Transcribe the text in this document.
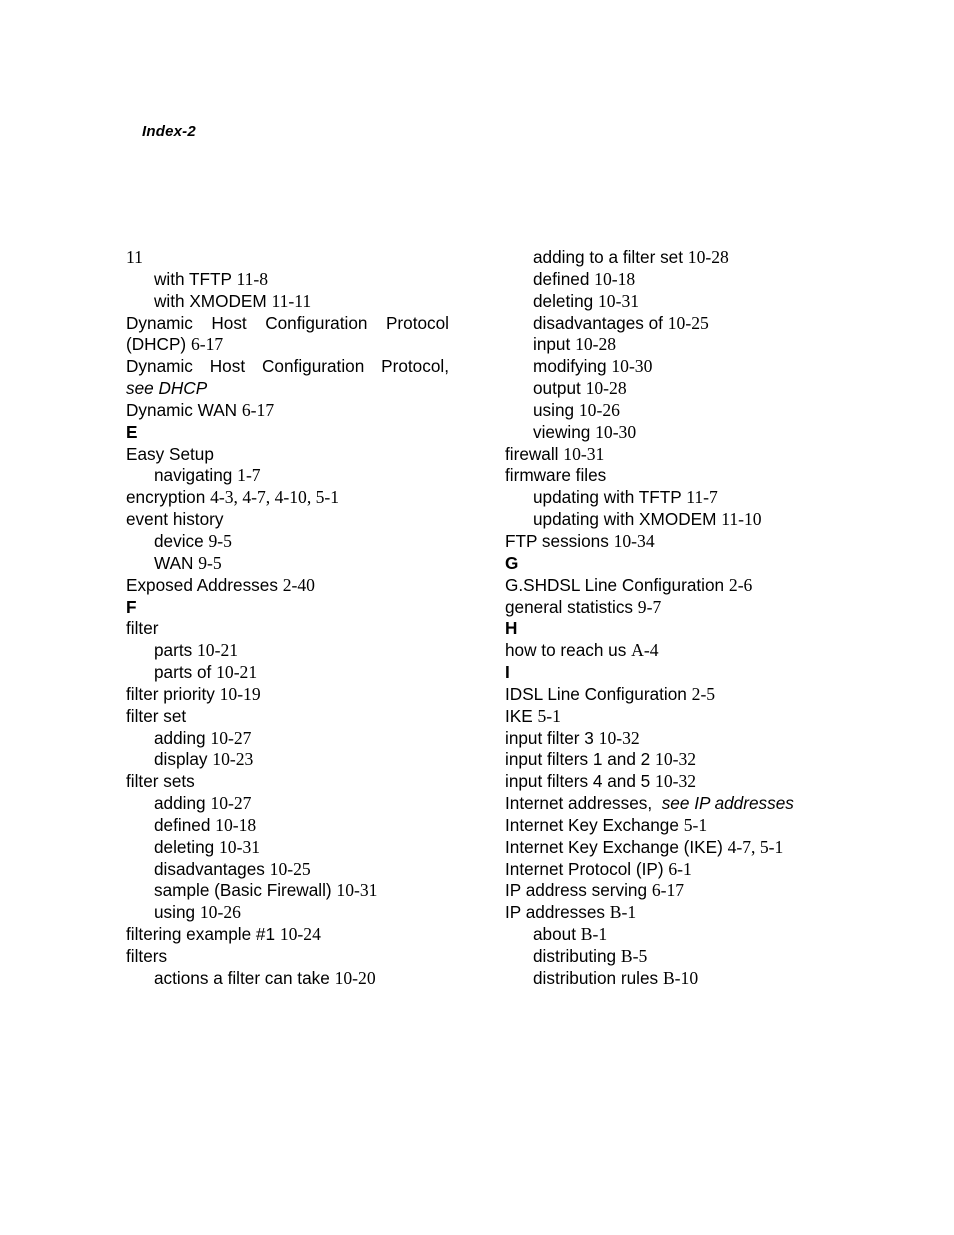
Index-2
11
with TFTP 11-8
with XMODEM 11-11
Dynamic Host Configuration Protocol
(DHCP) 6-17
Dynamic Host Configuration Protocol,
see DHCP
Dynamic WAN 6-17
E
Easy Setup
navigating 1-7
encryption 4-3, 4-7, 4-10, 5-1
event history
device 9-5
WAN 9-5
Exposed Addresses 2-40
F
filter
parts 10-21
parts of 10-21
filter priority 10-19
filter set
adding 10-27
display 10-23
filter sets
adding 10-27
defined 10-18
deleting 10-31
disadvantages 10-25
sample (Basic Firewall) 10-31
using 10-26
filtering example #1 10-24
filters
actions a filter can take 10-20
adding to a filter set 10-28
defined 10-18
deleting 10-31
disadvantages of 10-25
input 10-28
modifying 10-30
output 10-28
using 10-26
viewing 10-30
firewall 10-31
firmware files
updating with TFTP 11-7
updating with XMODEM 11-10
FTP sessions 10-34
G
G.SHDSL Line Configuration 2-6
general statistics 9-7
H
how to reach us A-4
I
IDSL Line Configuration 2-5
IKE 5-1
input filter 3 10-32
input filters 1 and 2 10-32
input filters 4 and 5 10-32
Internet addresses, see IP addresses
Internet Key Exchange 5-1
Internet Key Exchange (IKE) 4-7, 5-1
Internet Protocol (IP) 6-1
IP address serving 6-17
IP addresses B-1
about B-1
distributing B-5
distribution rules B-10
